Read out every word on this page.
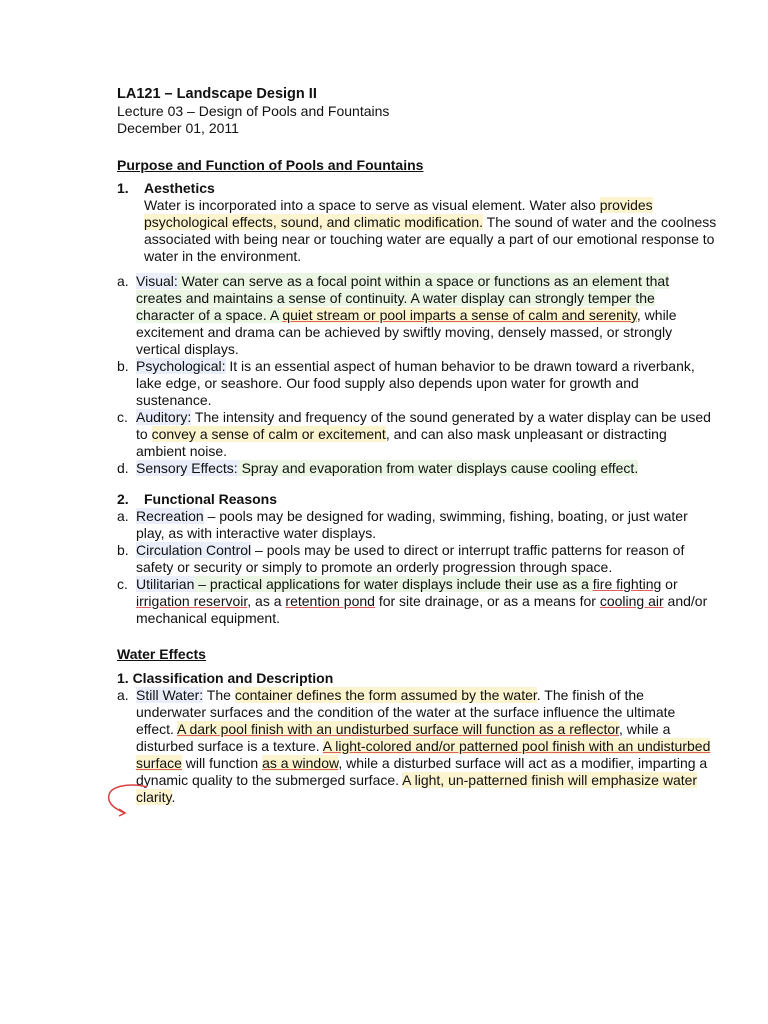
LA121 – Landscape Design II
Lecture 03 – Design of Pools and Fountains
December 01, 2011
Purpose and Function of Pools and Fountains
1.	Aesthetics
Water is incorporated into a space to serve as visual element. Water also provides psychological effects, sound, and climatic modification. The sound of water and the coolness associated with being near or touching water are equally a part of our emotional response to water in the environment.
a. Visual: Water can serve as a focal point within a space or functions as an element that creates and maintains a sense of continuity. A water display can strongly temper the character of a space. A quiet stream or pool imparts a sense of calm and serenity, while excitement and drama can be achieved by swiftly moving, densely massed, or strongly vertical displays.
b. Psychological: It is an essential aspect of human behavior to be drawn toward a riverbank, lake edge, or seashore. Our food supply also depends upon water for growth and sustenance.
c. Auditory: The intensity and frequency of the sound generated by a water display can be used to convey a sense of calm or excitement, and can also mask unpleasant or distracting ambient noise.
d. Sensory Effects: Spray and evaporation from water displays cause cooling effect.
2.	Functional Reasons
a. Recreation – pools may be designed for wading, swimming, fishing, boating, or just water play, as with interactive water displays.
b. Circulation Control – pools may be used to direct or interrupt traffic patterns for reason of safety or security or simply to promote an orderly progression through space.
c. Utilitarian – practical applications for water displays include their use as a fire fighting or irrigation reservoir, as a retention pond for site drainage, or as a means for cooling air and/or mechanical equipment.
Water Effects
1. Classification and Description
a. Still Water: The container defines the form assumed by the water. The finish of the underwater surfaces and the condition of the water at the surface influence the ultimate effect. A dark pool finish with an undisturbed surface will function as a reflector, while a disturbed surface is a texture. A light-colored and/or patterned pool finish with an undisturbed surface will function as a window, while a disturbed surface will act as a modifier, imparting a dynamic quality to the submerged surface. A light, un-patterned finish will emphasize water clarity.
